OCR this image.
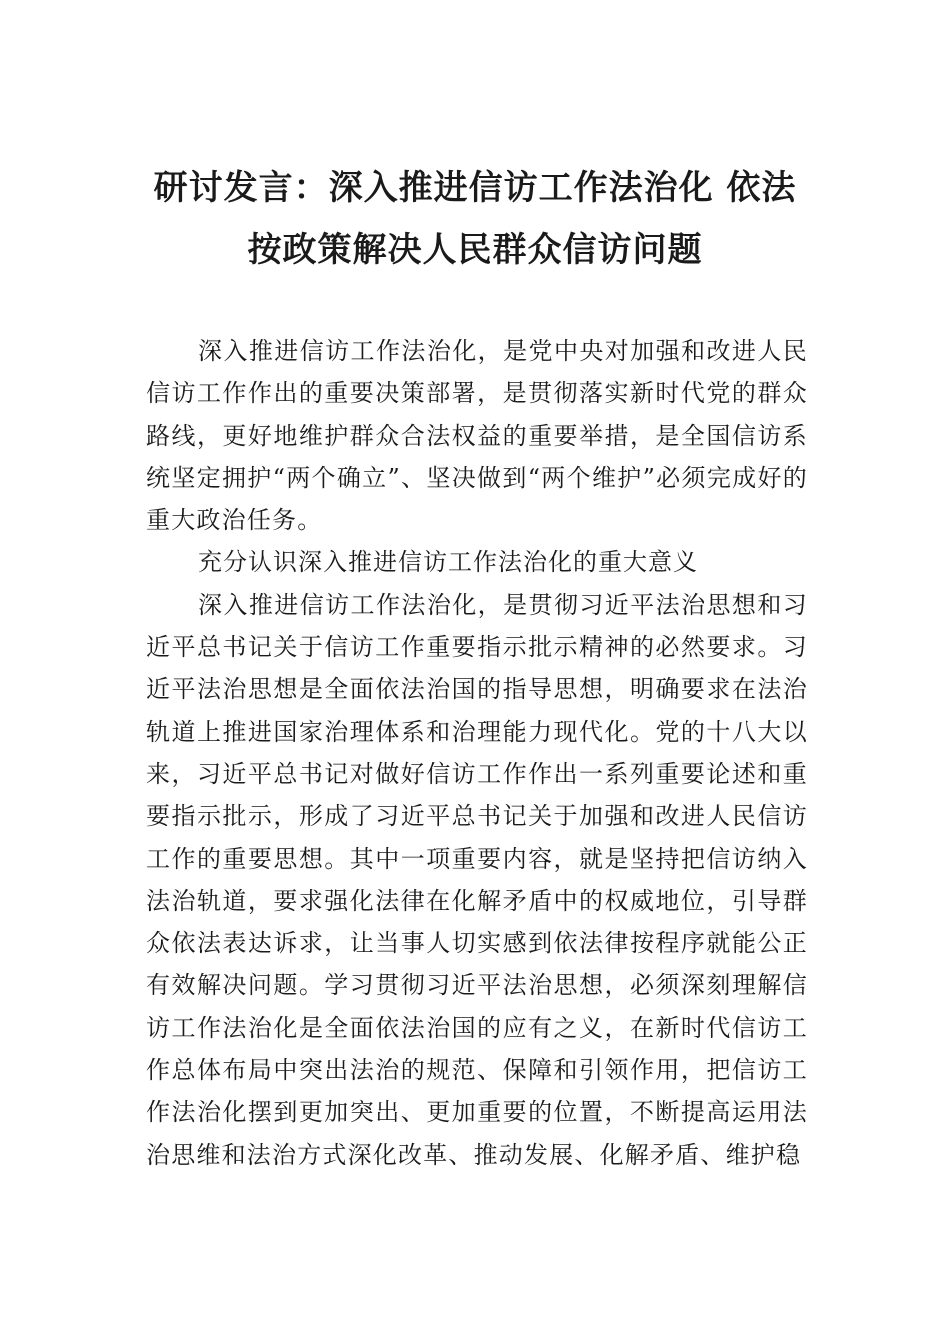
研讨发言：深入推进信访工作法治化 依法

按政策解决人民群众信访问题

深入推进信访工作法治化，是党中央对加强和改进人民信访工作作出的重要决策部署，是贯彻落实新时代党的群众路线，更好地维护群众合法权益的重要举措，是全国信访系统坚定拥护“两个确立”、坚决做到“两个维护”必须完成好的重大政治任务。

充分认识深入推进信访工作法治化的重大意义

深入推进信访工作法治化，是贯彻习近平法治思想和习近平总书记关于信访工作重要指示批示精神的必然要求。习近平法治思想是全面依法治国的指导思想，明确要求在法治轨道上推进国家治理体系和治理能力现代化。党的十八大以来，习近平总书记对做好信访工作作出一系列重要论述和重要指示批示，形成了习近平总书记关于加强和改进人民信访工作的重要思想。其中一项重要内容，就是坚持把信访纳入法治轨道，要求强化法律在化解矛盾中的权威地位，引导群众依法表达诉求，让当事人切实感到依法律按程序就能公正有效解决问题。学习贯彻习近平法治思想，必须深刻理解信访工作法治化是全面依法治国的应有之义，在新时代信访工作总体布局中突出法治的规范、保障和引领作用，把信访工作法治化摆到更加突出、更加重要的位置，不断提高运用法治思维和法治方式深化改革、推动发展、化解矛盾、维护稳
